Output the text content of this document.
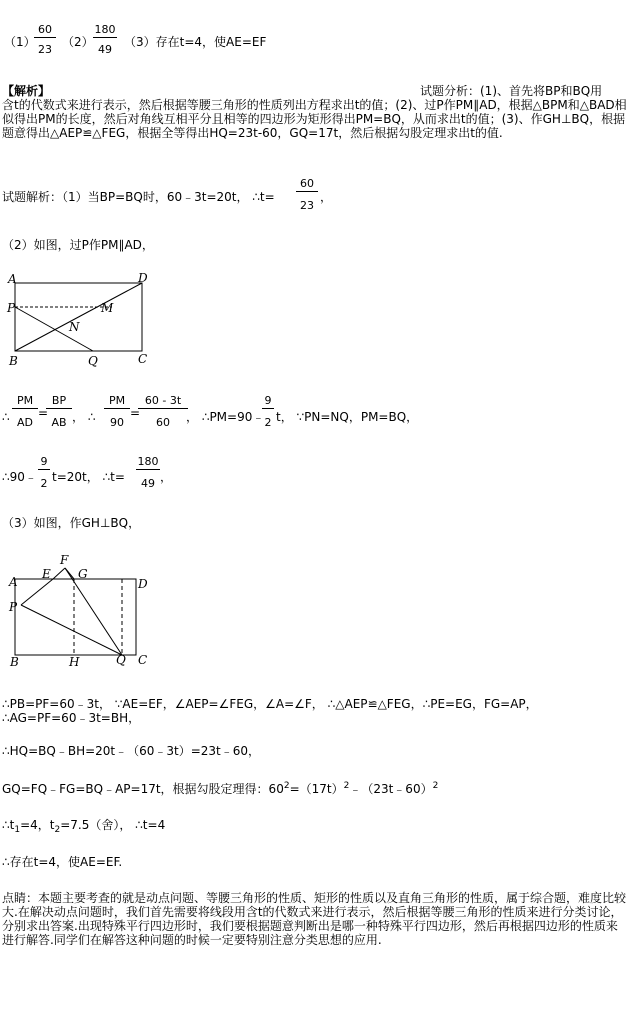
（1）
60
23
（2）
180
49
（3）存在t=4，使AE=EF
【解析】	试题分析：(1)、首先将BP和BQ用
含t的代数式来进行表示，然后根据等腰三角形的性质列出方程求出t的值；(2)、过P作PM∥AD，根据△BPM和△BAD相似得出PM的长度，然后对角线互相平分且相等的四边形为矩形得出PM=BQ，从而求出t的值；(3)、作GH⊥BQ，根据题意得出△AEP≌△FEG，根据全等得出HQ=23t-60，GQ=17t，然后根据勾股定理求出t的值.
试题解析：（1）当BP=BQ时，60﹣3t=20t， ∴t=
60
23
，
（2）如图，过P作PM∥AD，
A	D
P	M
N
B	Q	C
∴
PM
AD
=
BP
AB ， ∴
PM
90
=
60 - 3t
60	， ∴PM=90﹣
9
2 t， ∵PN=NQ，PM=BQ，
∴90﹣
9
2 t=20t， ∴t=
180
49 ，
（3）如图，作GH⊥BQ，
A
E
F
G
D
P
B	H	Q C
∴PB=PF=60﹣3t， ∵AE=EF，∠AEP=∠FEG，∠A=∠F， ∴△AEP≌△FEG，∴PE=EG，FG=AP，
∴AG=PF=60﹣3t=BH，
∴HQ=BQ﹣BH=20t﹣（60﹣3t）=23t﹣60，
GQ=FQ﹣FG=BQ﹣AP=17t，根据勾股定理得：$60^2=(17t)^2﹣(23t﹣60)^2$
$\therefore t_1=4$，$t_2=7.5$（舍）， ∴t=4
∴存在t=4，使AE=EF.
点睛：本题主要考查的就是动点问题、等腰三角形的性质、矩形的性质以及直角三角形的性质，属于综合题，难度比较大.在解决动点问题时，我们首先需要将线段用含t的代数式来进行表示，然后根据等腰三角形的性质来进行分类讨论，分别求出答案.出现特殊平行四边形时，我们要根据题意判断出是哪一种特殊平行四边形，然后再根据四边形的性质来进行解答.同学们在解答这种问题的时候一定要特别注意分类思想的应用.
